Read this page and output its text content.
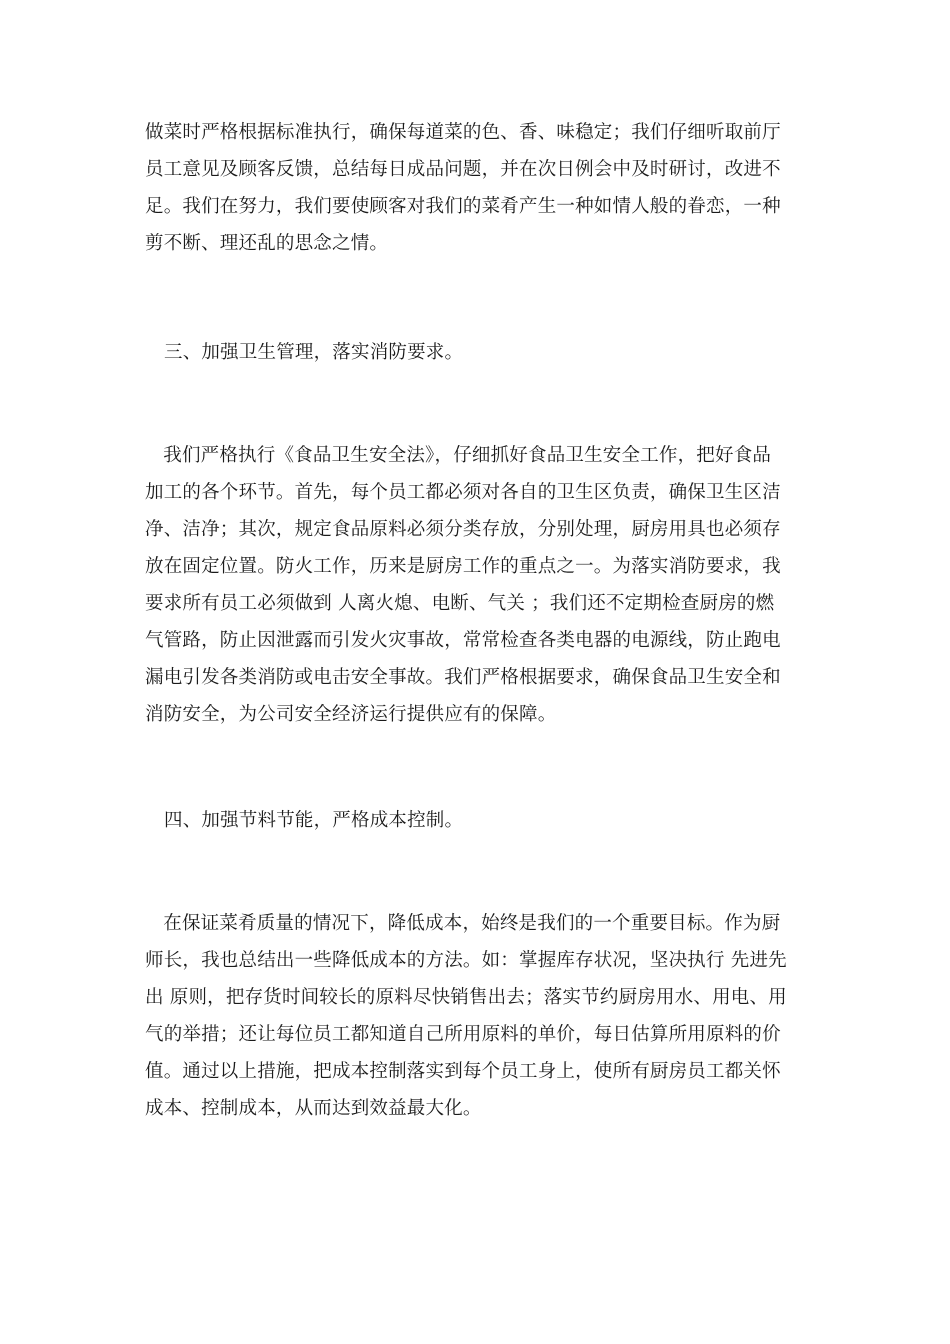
做菜时严格根据标准执行，确保每道菜的色、香、味稳定；我们仔细听取前厅
员工意见及顾客反馈，总结每日成品问题，并在次日例会中及时研讨，改进不
足。我们在努力，我们要使顾客对我们的菜肴产生一种如情人般的眷恋，一种
剪不断、理还乱的思念之情。
三、加强卫生管理，落实消防要求。
我们严格执行《食品卫生安全法》，仔细抓好食品卫生安全工作，把好食品
加工的各个环节。首先，每个员工都必须对各自的卫生区负责，确保卫生区洁
净、洁净；其次，规定食品原料必须分类存放，分别处理，厨房用具也必须存
放在固定位置。防火工作，历来是厨房工作的重点之一。为落实消防要求，我
要求所有员工必须做到 人离火熄、电断、气关 ；我们还不定期检查厨房的燃
气管路，防止因泄露而引发火灾事故，常常检查各类电器的电源线，防止跑电
漏电引发各类消防或电击安全事故。我们严格根据要求，确保食品卫生安全和
消防安全，为公司安全经济运行提供应有的保障。
四、加强节料节能，严格成本控制。
在保证菜肴质量的情况下，降低成本，始终是我们的一个重要目标。作为厨
师长，我也总结出一些降低成本的方法。如：掌握库存状况，坚决执行 先进先
出 原则，把存货时间较长的原料尽快销售出去；落实节约厨房用水、用电、用
气的举措；还让每位员工都知道自己所用原料的单价，每日估算所用原料的价
值。通过以上措施，把成本控制落实到每个员工身上，使所有厨房员工都关怀
成本、控制成本，从而达到效益最大化。
